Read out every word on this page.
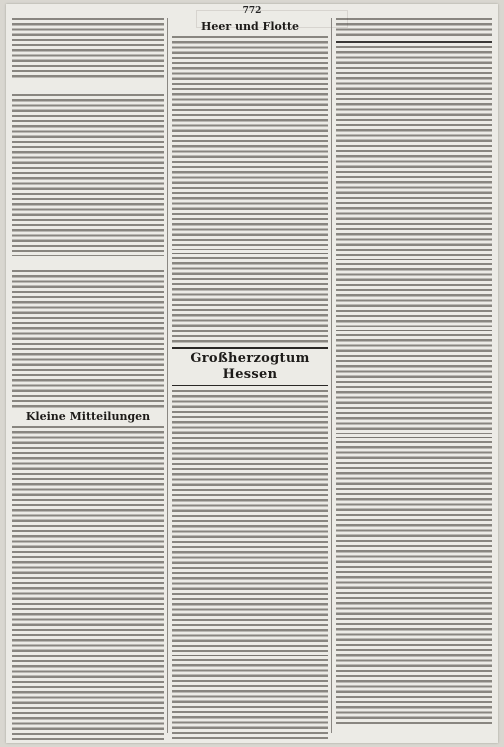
772
Kleine Mitteilungen
Heer und Flotte
Großherzogtum Hessen
